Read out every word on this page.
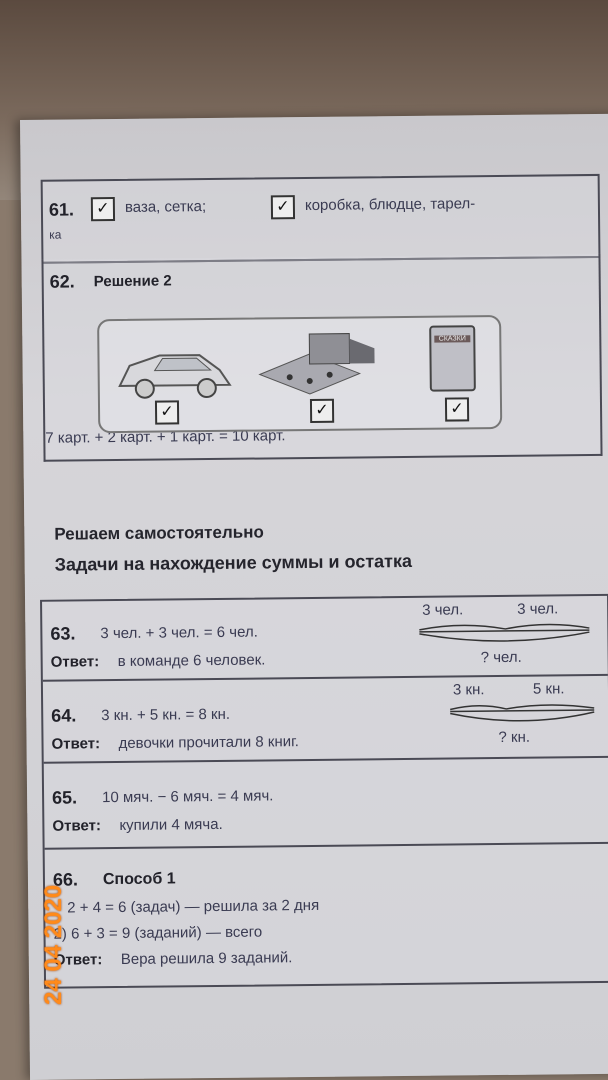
61.	✓	ваза, сетка;	✓	коробка, блюдце, тарел-
ка
62. Решение 2
7 карт. + 2 карт. + 1 карт. = 10 карт.
СКАЗКИ
✓	✓	✓
Решаем самостоятельно
Задачи на нахождение суммы и остатка
63. 3 чел. + 3 чел. = 6 чел.
Ответ: в команде 6 человек.
3 чел.	3 чел.
? чел.
64. 3 кн. + 5 кн. = 8 кн.
Ответ: девочки прочитали 8 книг.
3 кн.	5 кн.
? кн.
65. 10 мяч. − 6 мяч. = 4 мяч.
Ответ: купили 4 мяча.
66. Способ 1
2 + 4 = 6 (задач) — решила за 2 дня
2) 6 + 3 = 9 (заданий) — всего
Ответ: Вера решила 9 заданий.
24 04 2020
